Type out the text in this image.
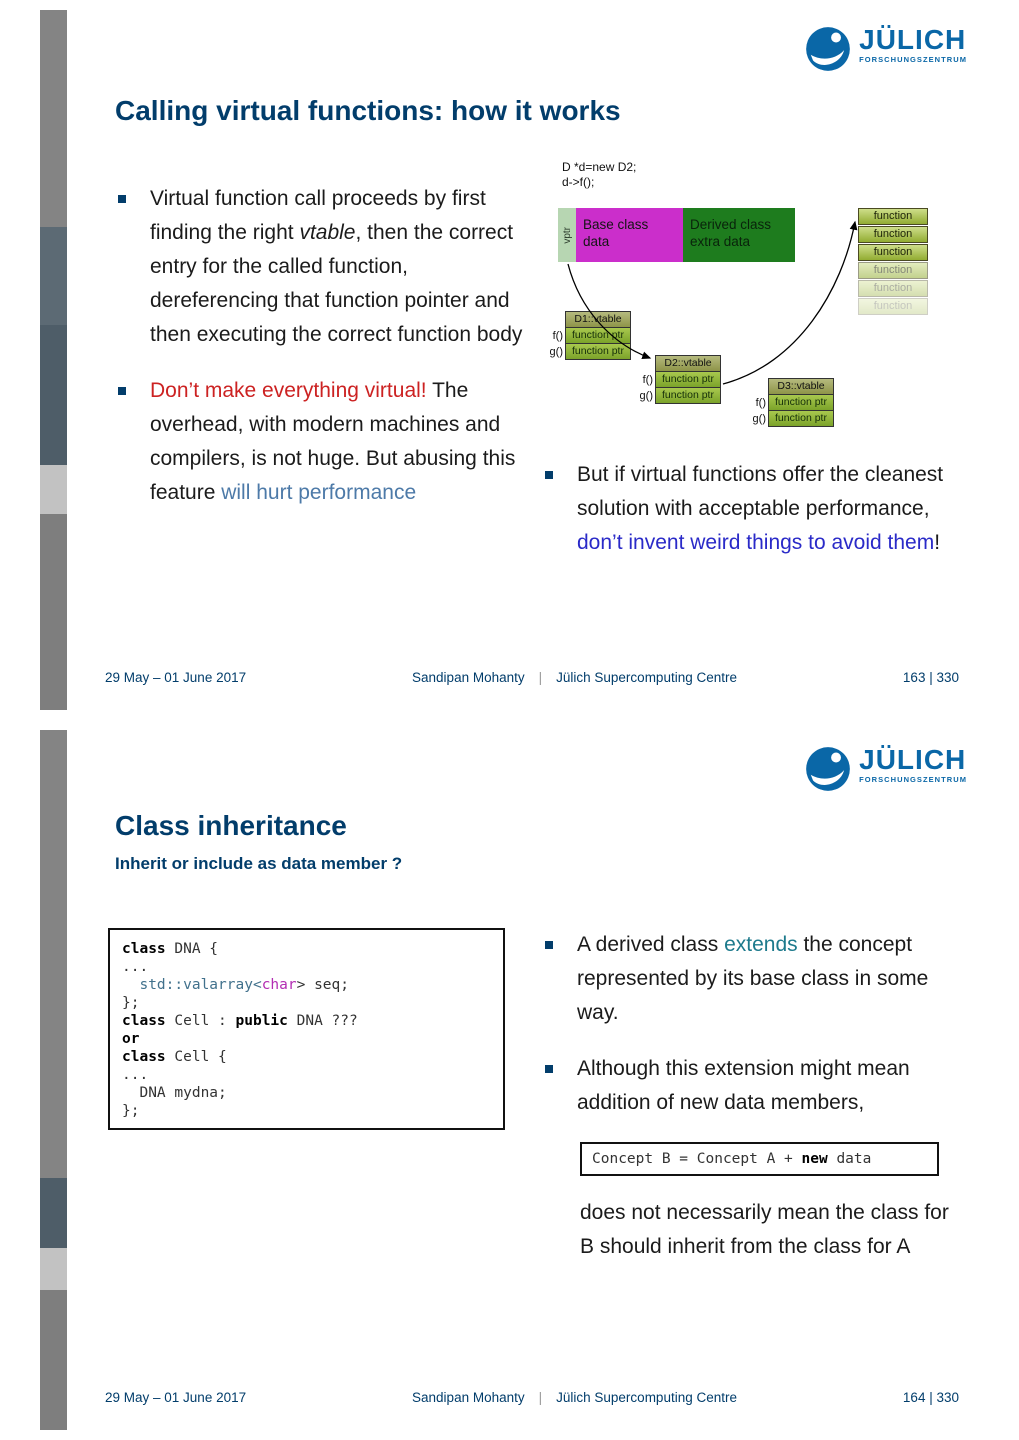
JÜLICH
FORSCHUNGSZENTRUM
Calling virtual functions: how it works
Virtual function call proceeds by first finding the right vtable, then the correct entry for the called function, dereferencing that function pointer and then executing the correct function body
Don’t make everything virtual! The overhead, with modern machines and compilers, is not huge. But abusing this feature will hurt performance
D *d=new D2;
d->f();
vptr
Base class data
Derived class extra data
function
function
function
function
function
function
D1::vtable
function ptr
function ptr
f()
g()
D2::vtable
function ptr
function ptr
f()
g()
D3::vtable
function ptr
function ptr
f()
g()
But if virtual functions offer the cleanest solution with acceptable performance, don’t invent weird things to avoid them!
29 May – 01 June 2017	Sandipan Mohanty | Jülich Supercomputing Centre	163 | 330
JÜLICH
FORSCHUNGSZENTRUM
Class inheritance
Inherit or include as data member ?
class DNA {
...
std::valarray<char> seq;
};
class Cell : public DNA ???
or
class Cell {
...
DNA mydna;
};
A derived class extends the concept represented by its base class in some way.
Although this extension might mean addition of new data members,
Concept B = Concept A + new data
does not necessarily mean the class for B should inherit from the class for A
29 May – 01 June 2017	Sandipan Mohanty | Jülich Supercomputing Centre	164 | 330
